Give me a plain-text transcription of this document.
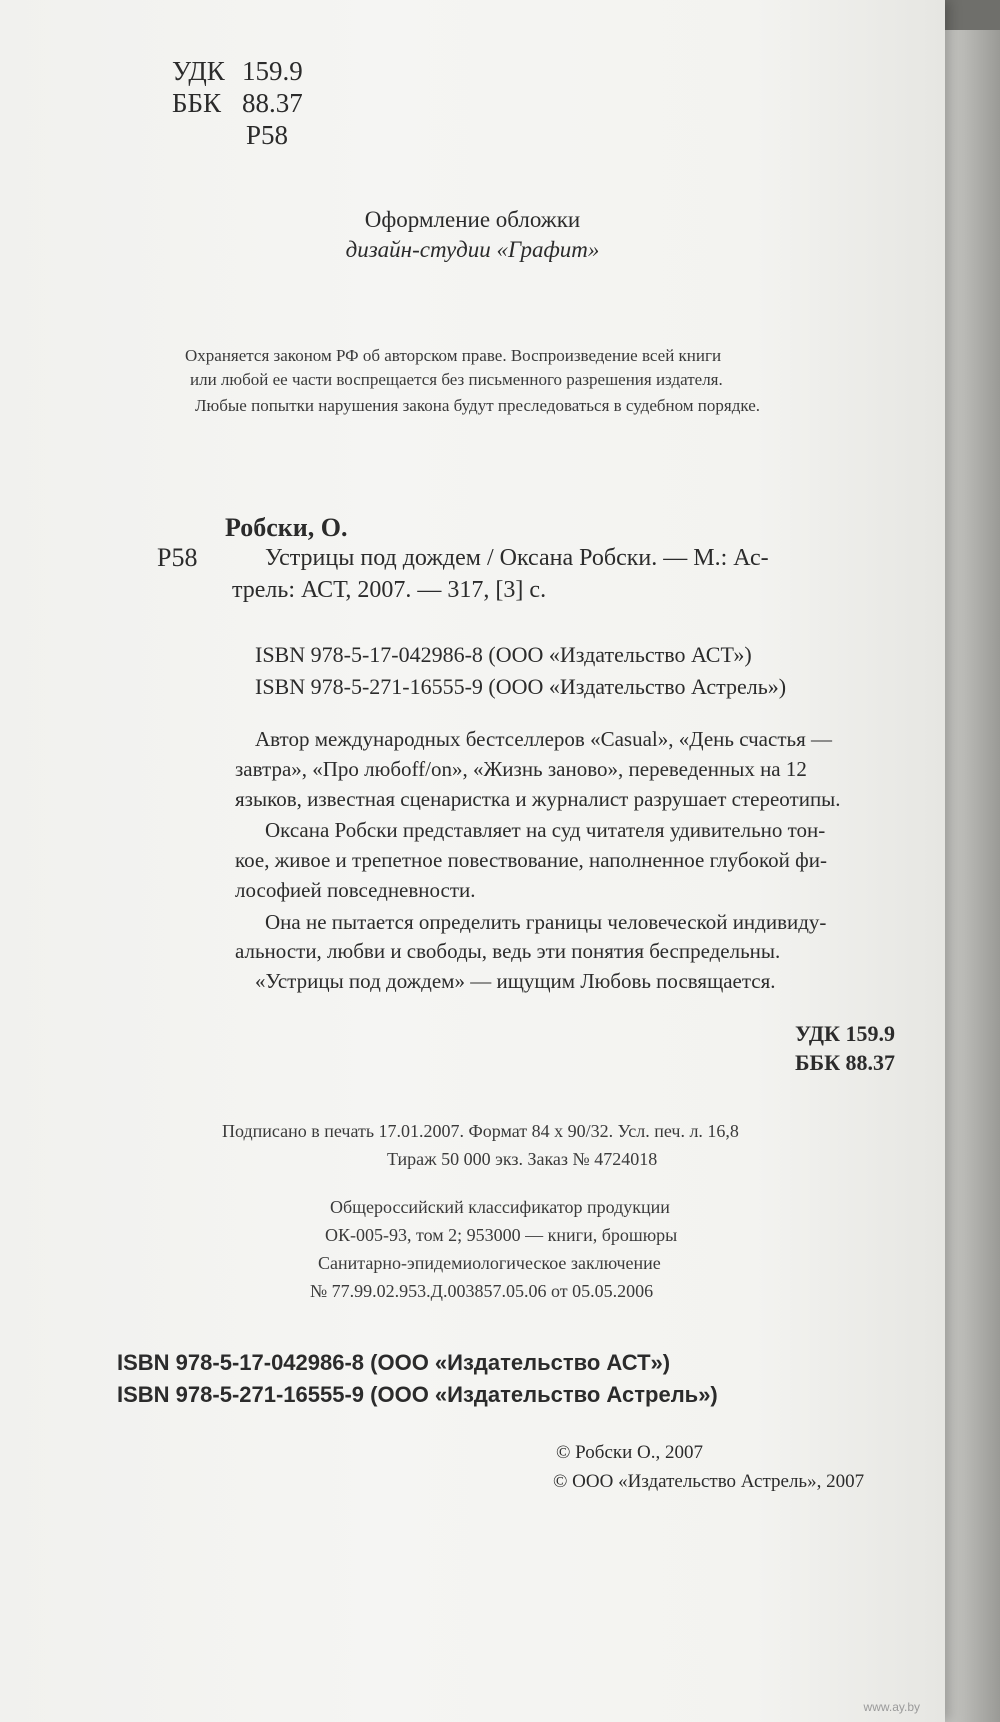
УДК 159.9
ББК 88.37
Р58

Оформление обложки

дизайн-студии «Графит»

Охраняется законом РФ об авторском праве. Воспроизведение всей книги

или любой ее части воспрещается без письменного разрешения издателя.

Любые попытки нарушения закона будут преследоваться в судебном порядке.

Робски, О.

Р58	Устрицы под дождем / Оксана Робски. — М.: Ас-

трель: АСТ, 2007. — 317, [3] с.

ISBN 978-5-17-042986-8 (ООО «Издательство АСТ»)

ISBN 978-5-271-16555-9 (ООО «Издательство Астрель»)

Автор международных бестселлеров «Casual», «День счастья —

завтра», «Про любоff/on», «Жизнь заново», переведенных на 12

языков, известная сценаристка и журналист разрушает стереотипы.

Оксана Робски представляет на суд читателя удивительно тон-

кое, живое и трепетное повествование, наполненное глубокой фи-

лософией повседневности.

Она не пытается определить границы человеческой индивиду-

альности, любви и свободы, ведь эти понятия беспредельны.

«Устрицы под дождем» — ищущим Любовь посвящается.

УДК 159.9

ББК 88.37

Подписано в печать 17.01.2007. Формат 84 х 90/32. Усл. печ. л. 16,8

Тираж 50 000 экз. Заказ № 4724018

Общероссийский классификатор продукции

ОК-005-93, том 2; 953000 — книги, брошюры

Санитарно-эпидемиологическое заключение

№ 77.99.02.953.Д.003857.05.06 от 05.05.2006

ISBN 978-5-17-042986-8 (ООО «Издательство АСТ»)

ISBN 978-5-271-16555-9 (ООО «Издательство Астрель»)

© Робски О., 2007

© ООО «Издательство Астрель», 2007

www.ay.by
